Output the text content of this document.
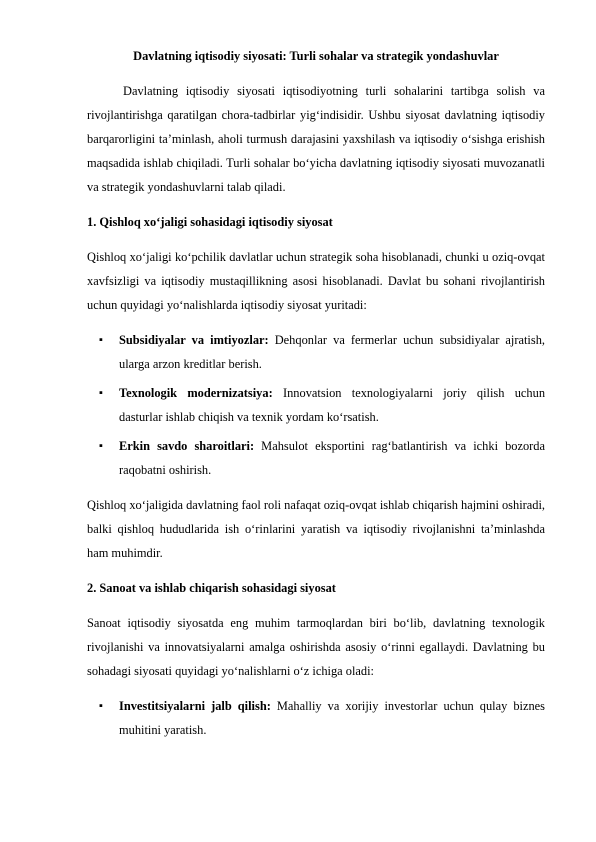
Davlatning iqtisodiy siyosati: Turli sohalar va strategik yondashuvlar

Davlatning iqtisodiy siyosati iqtisodiyotning turli sohalarini tartibga solish va rivojlantirishga qaratilgan chora-tadbirlar yig‘indisidir. Ushbu siyosat davlatning iqtisodiy barqarorligini ta’minlash, aholi turmush darajasini yaxshilash va iqtisodiy o‘sishga erishish maqsadida ishlab chiqiladi. Turli sohalar bo‘yicha davlatning iqtisodiy siyosati muvozanatli va strategik yondashuvlarni talab qiladi.

1. Qishloq xo‘jaligi sohasidagi iqtisodiy siyosat

Qishloq xo‘jaligi ko‘pchilik davlatlar uchun strategik soha hisoblanadi, chunki u oziq-ovqat xavfsizligi va iqtisodiy mustaqillikning asosi hisoblanadi. Davlat bu sohani rivojlantirish uchun quyidagi yo‘nalishlarda iqtisodiy siyosat yuritadi:

▪ Subsidiyalar va imtiyozlar: Dehqonlar va fermerlar uchun subsidiyalar ajratish, ularga arzon kreditlar berish.
▪ Texnologik modernizatsiya: Innovatsion texnologiyalarni joriy qilish uchun dasturlar ishlab chiqish va texnik yordam ko‘rsatish.
▪ Erkin savdo sharoitlari: Mahsulot eksportini rag‘batlantirish va ichki bozorda raqobatni oshirish.

Qishloq xo‘jaligida davlatning faol roli nafaqat oziq-ovqat ishlab chiqarish hajmini oshiradi, balki qishloq hududlarida ish o‘rinlarini yaratish va iqtisodiy rivojlanishni ta’minlashda ham muhimdir.

2. Sanoat va ishlab chiqarish sohasidagi siyosat

Sanoat iqtisodiy siyosatda eng muhim tarmoqlardan biri bo‘lib, davlatning texnologik rivojlanishi va innovatsiyalarni amalga oshirishda asosiy o‘rinni egallaydi. Davlatning bu sohadagi siyosati quyidagi yo‘nalishlarni o‘z ichiga oladi:

▪ Investitsiyalarni jalb qilish: Mahalliy va xorijiy investorlar uchun qulay biznes muhitini yaratish.
